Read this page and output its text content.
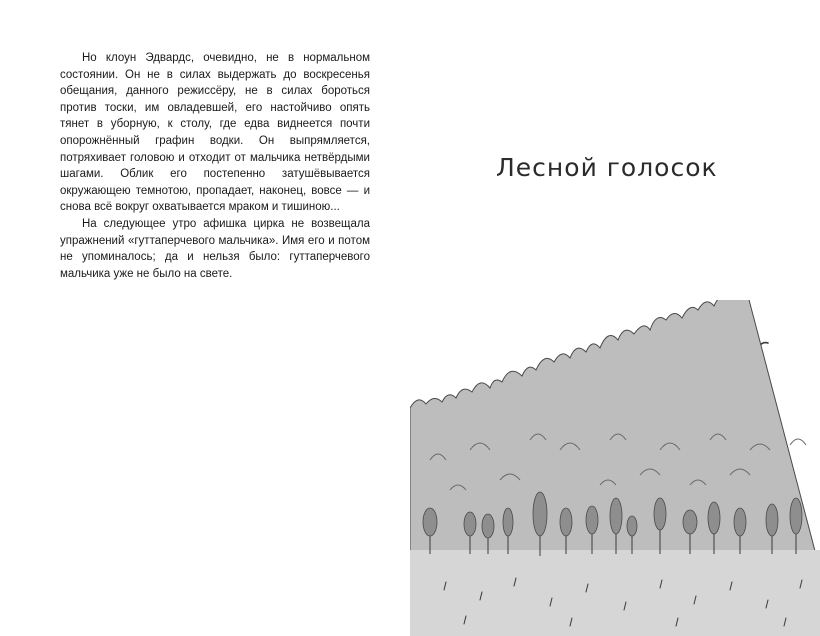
Но клоун Эдвардс, очевидно, не в нормальном состоянии. Он не в силах выдержать до воскресенья обещания, данного режиссёру, не в силах бороться против тоски, им овладевшей, его настойчиво опять тянет в уборную, к столу, где едва виднеется почти опорожнённый графин водки. Он выпрямляется, потряхивает головою и отходит от мальчика нетвёрдыми шагами. Облик его постепенно затушёвывается окружающею темнотою, пропадает, наконец, вовсе — и снова всё вокруг охватывается мраком и тишиною...

На следующее утро афишка цирка не возвещала упражнений «гуттаперчевого мальчика». Имя его и потом не упоминалось; да и нельзя было: гуттаперчевого мальчика уже не было на свете.

Лесной голосок
